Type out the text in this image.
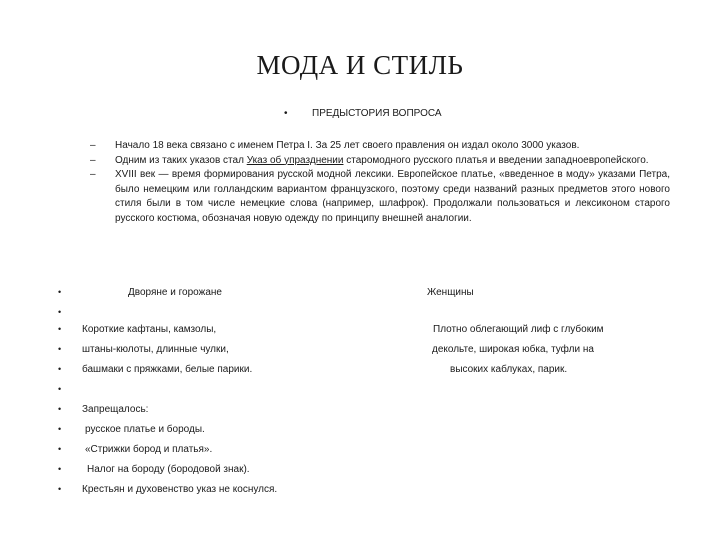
МОДА И СТИЛЬ
• ПРЕДЫСТОРИЯ ВОПРОСА
– Начало 18 века связано с именем Петра I. За 25 лет своего правления он издал около 3000 указов.
– Одним из таких указов стал Указ об упразднении старомодного русского платья и введении западноевропейского.
– XVIII век — время формирования русской модной лексики. Европейское платье, «введенное в моду» указами Петра, было немецким или голландским вариантом французского, поэтому среди названий разных предметов этого нового стиля были в том числе немецкие слова (например, шлафрок). Продолжали пользоваться и лексиконом старого русского костюма, обозначая новую одежду по принципу внешней аналогии.
•	Дворяне и горожане	Женщины
•
• Короткие кафтаны, камзолы,	Плотно облегающий лиф с глубоким
• штаны-кюлоты, длинные чулки,	декольте, широкая юбка, туфли на
• башмаки с пряжками, белые парики.	высоких каблуках, парик.
•
• Запрещалось:
• русское платье и бороды.
• «Стрижки бород и платья».
•	Налог на бороду (бородовой знак).
• Крестьян и духовенство указ не коснулся.
